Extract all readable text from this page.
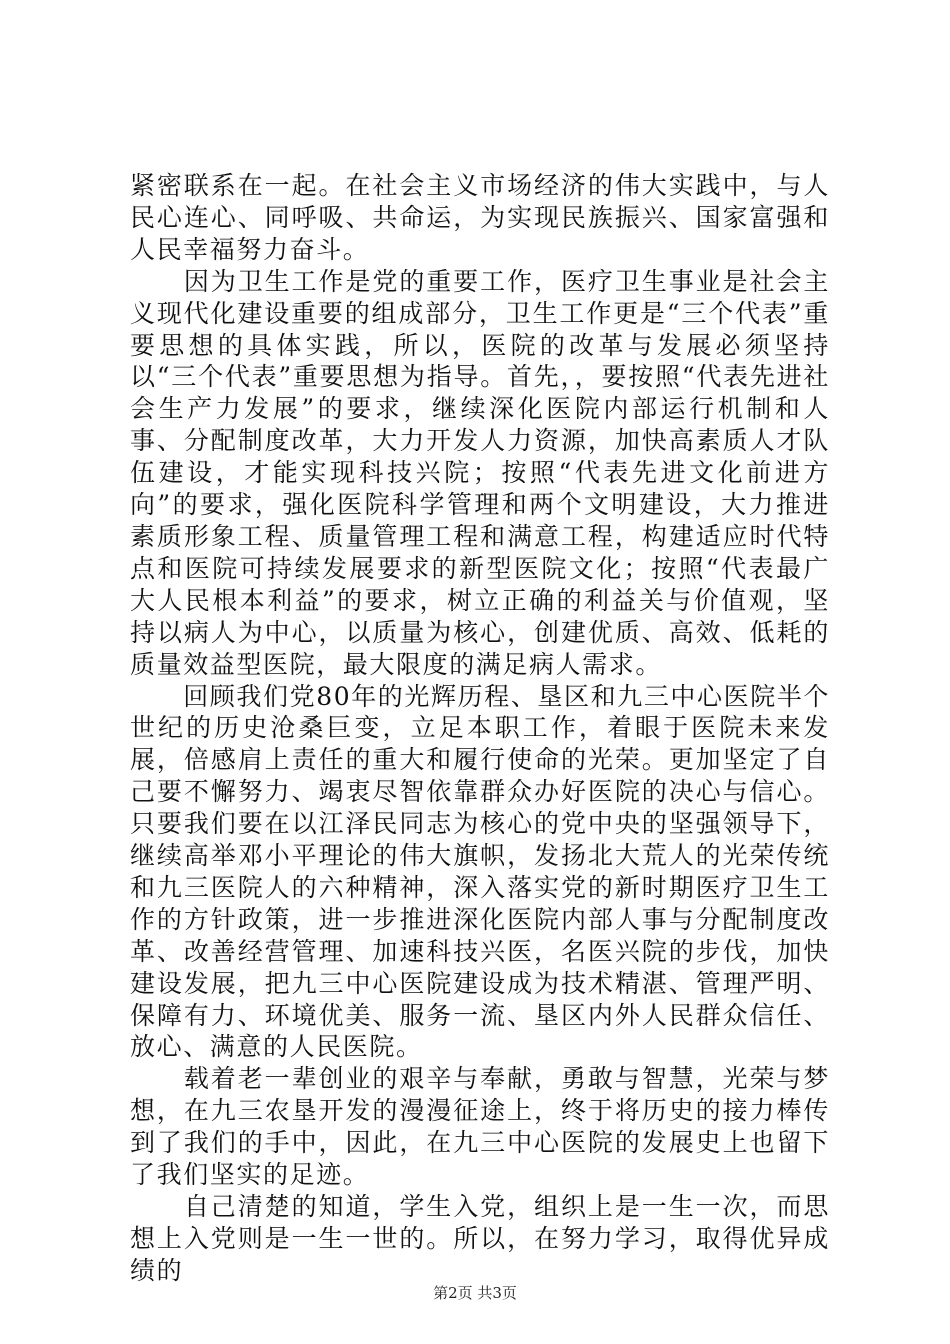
紧密联系在一起。在社会主义市场经济的伟大实践中，与人民心连心、同呼吸、共命运，为实现民族振兴、国家富强和人民幸福努力奋斗。

　　因为卫生工作是党的重要工作，医疗卫生事业是社会主义现代化建设重要的组成部分，卫生工作更是“三个代表”重要思想的具体实践，所以，医院的改革与发展必须坚持以“三个代表”重要思想为指导。首先，，要按照“代表先进社会生产力发展”的要求，继续深化医院内部运行机制和人事、分配制度改革，大力开发人力资源，加快高素质人才队伍建设，才能实现科技兴院；按照“代表先进文化前进方向”的要求，强化医院科学管理和两个文明建设，大力推进素质形象工程、质量管理工程和满意工程，构建适应时代特点和医院可持续发展要求的新型医院文化；按照“代表最广大人民根本利益”的要求，树立正确的利益关与价值观，坚持以病人为中心，以质量为核心，创建优质、高效、低耗的质量效益型医院，最大限度的满足病人需求。

　　回顾我们党80年的光辉历程、垦区和九三中心医院半个世纪的历史沧桑巨变，立足本职工作，着眼于医院未来发展，倍感肩上责任的重大和履行使命的光荣。更加坚定了自己要不懈努力、竭衷尽智依靠群众办好医院的决心与信心。只要我们要在以江泽民同志为核心的党中央的坚强领导下，继续高举邓小平理论的伟大旗帜，发扬北大荒人的光荣传统和九三医院人的六种精神，深入落实党的新时期医疗卫生工作的方针政策，进一步推进深化医院内部人事与分配制度改革、改善经营管理、加速科技兴医，名医兴院的步伐，加快建设发展，把九三中心医院建设成为技术精湛、管理严明、保障有力、环境优美、服务一流、垦区内外人民群众信任、放心、满意的人民医院。

　　载着老一辈创业的艰辛与奉献，勇敢与智慧，光荣与梦想，在九三农垦开发的漫漫征途上，终于将历史的接力棒传到了我们的手中，因此，在九三中心医院的发展史上也留下了我们坚实的足迹。

　　自己清楚的知道，学生入党，组织上是一生一次，而思想上入党则是一生一世的。所以，在努力学习，取得优异成绩的

第2页 共3页
